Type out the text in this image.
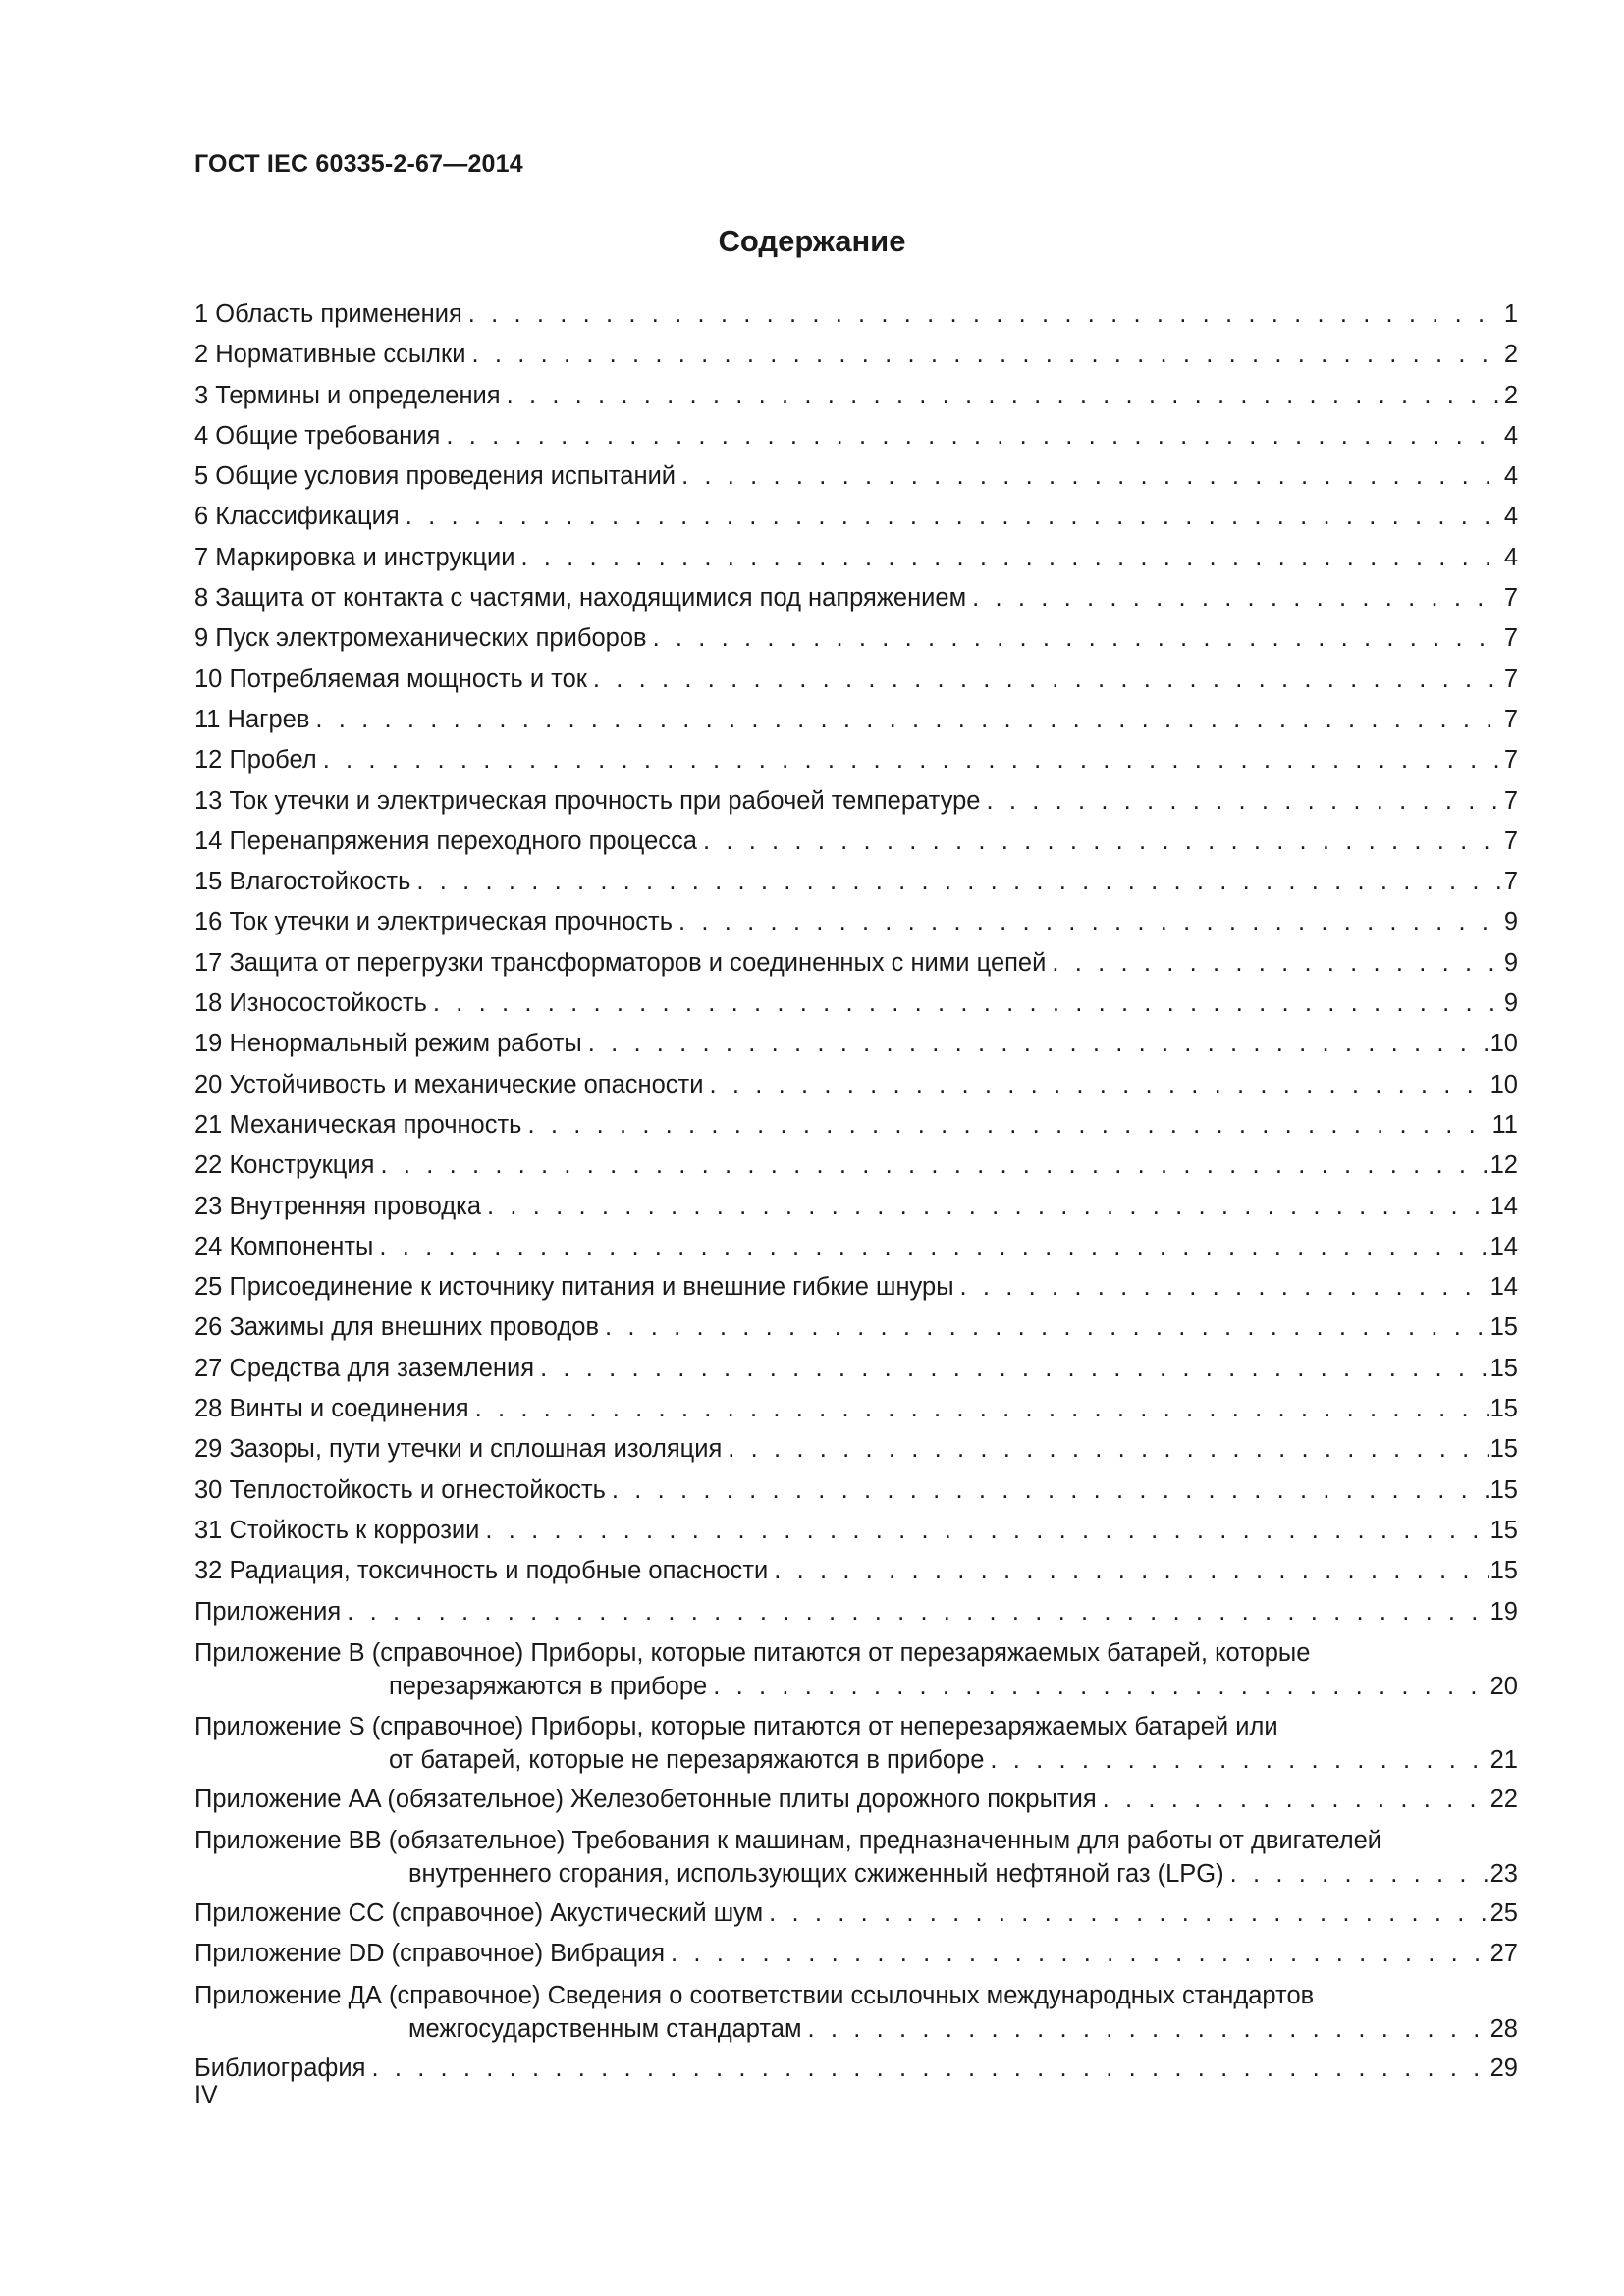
ГОСТ IEC 60335-2-67—2014
Содержание
1 Область применения . . .	1
2 Нормативные ссылки . . .	2
3 Термины и определения . . .	2
4 Общие требования . . .	4
5 Общие условия проведения испытаний . . .	4
6 Классификация . . .	4
7 Маркировка и инструкции . . .	4
8 Защита от контакта с частями, находящимися под напряжением . . .	7
9 Пуск электромеханических приборов . . .	7
10 Потребляемая мощность и ток . . .	7
11 Нагрев . . .	7
12 Пробел . . .	7
13 Ток утечки и электрическая прочность при рабочей температуре . . .	7
14 Перенапряжения переходного процесса . . .	7
15 Влагостойкость . . .	7
16 Ток утечки и электрическая прочность . . .	9
17 Защита от перегрузки трансформаторов и соединенных с ними цепей . . .	9
18 Износостойкость . . .	9
19 Ненормальный режим работы . . .	10
20 Устойчивость и механические опасности . . .	10
21 Механическая прочность . . .	11
22 Конструкция . . .	12
23 Внутренняя проводка . . .	14
24 Компоненты . . .	14
25 Присоединение к источнику питания и внешние гибкие шнуры . . .	14
26 Зажимы для внешних проводов . . .	15
27 Средства для заземления . . .	15
28 Винты и соединения . . .	15
29 Зазоры, пути утечки и сплошная изоляция . . .	15
30 Теплостойкость и огнестойкость . . .	15
31 Стойкость к коррозии . . .	15
32 Радиация, токсичность и подобные опасности . . .	15
Приложения . . .	19
Приложение B (справочное) Приборы, которые питаются от перезаряжаемых батарей, которые
перезаряжаются в приборе . . .	20
Приложение S (справочное) Приборы, которые питаются от неперезаряжаемых батарей или
от батарей, которые не перезаряжаются в приборе . . .	21
Приложение AA (обязательное) Железобетонные плиты дорожного покрытия . . .	22
Приложение BB (обязательное) Требования к машинам, предназначенным для работы от двигателей
внутреннего сгорания, использующих сжиженный нефтяной газ (LPG) . . .	23
Приложение CC (справочное) Акустический шум . . .	25
Приложение DD (справочное) Вибрация . . .	27
Приложение ДА (справочное) Сведения о соответствии ссылочных международных стандартов
межгосударственным стандартам . . .	28
Библиография . . .	29
IV
